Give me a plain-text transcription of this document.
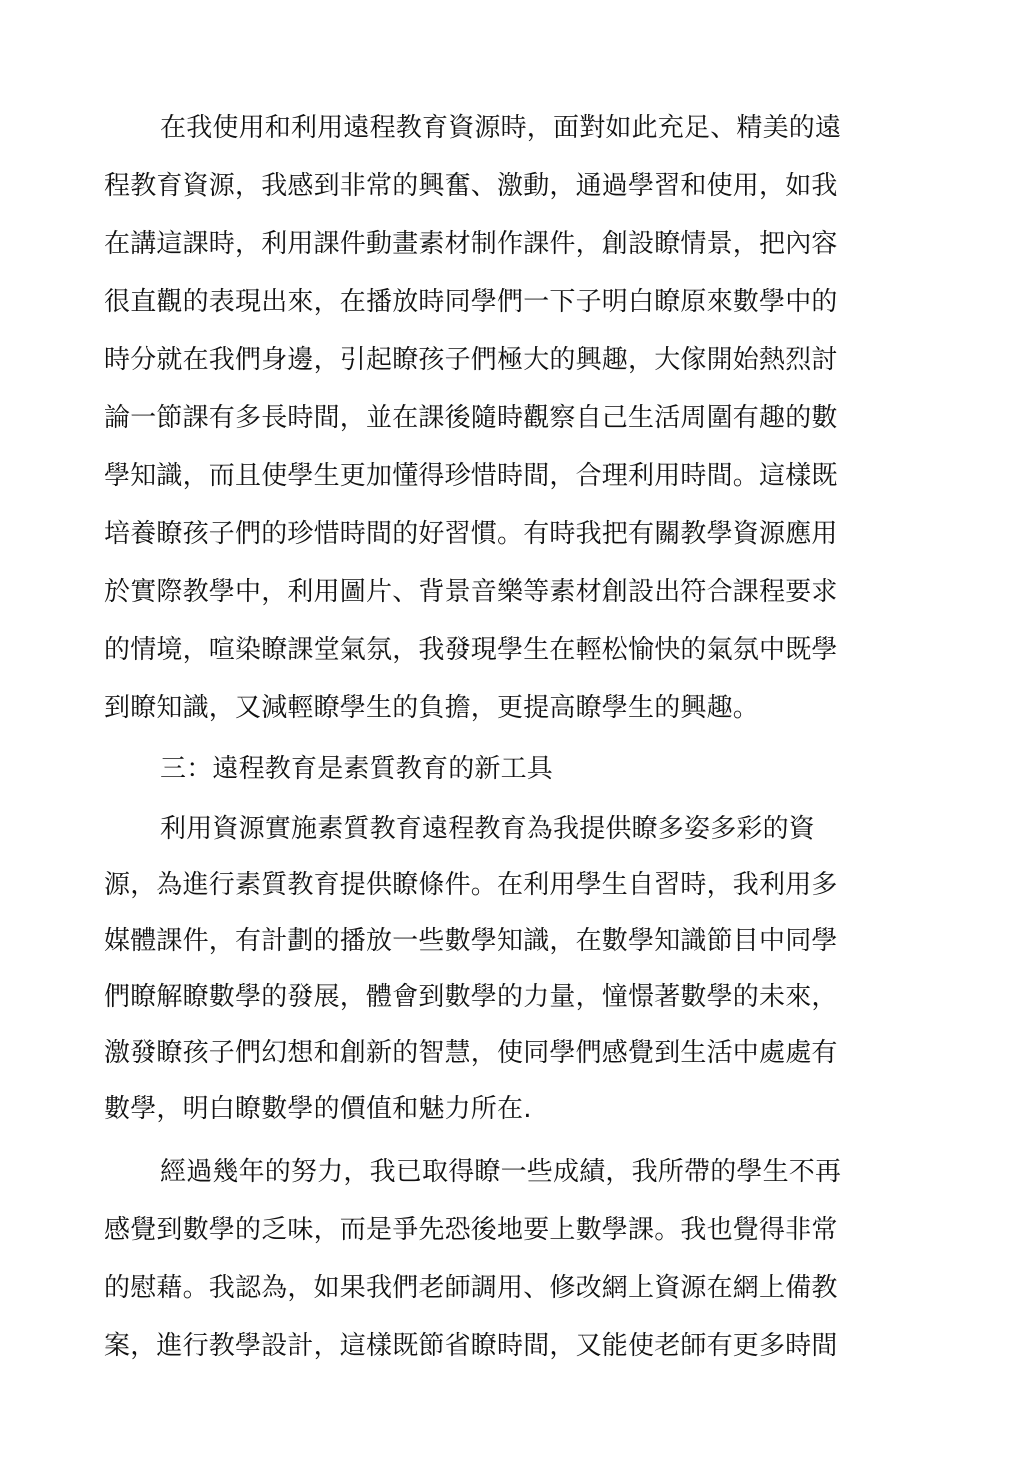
在我使用和利用遠程教育資源時，面對如此充足、精美的遠
程教育資源，我感到非常的興奮、激動，通過學習和使用，如我
在講這課時，利用課件動畫素材制作課件，創設瞭情景，把內容
很直觀的表現出來，在播放時同學們一下子明白瞭原來數學中的
時分就在我們身邊，引起瞭孩子們極大的興趣，大傢開始熱烈討
論一節課有多長時間，並在課後隨時觀察自己生活周圍有趣的數
學知識，而且使學生更加懂得珍惜時間，合理利用時間。這樣既
培養瞭孩子們的珍惜時間的好習慣。有時我把有關教學資源應用
於實際教學中，利用圖片、背景音樂等素材創設出符合課程要求
的情境，喧染瞭課堂氣氛，我發現學生在輕松愉快的氣氛中既學
到瞭知識，又減輕瞭學生的負擔，更提高瞭學生的興趣。
三：遠程教育是素質教育的新工具
利用資源實施素質教育遠程教育為我提供瞭多姿多彩的資
源，為進行素質教育提供瞭條件。在利用學生自習時，我利用多
媒體課件，有計劃的播放一些數學知識，在數學知識節目中同學
們瞭解瞭數學的發展，體會到數學的力量，憧憬著數學的未來，
激發瞭孩子們幻想和創新的智慧，使同學們感覺到生活中處處有
數學，明白瞭數學的價值和魅力所在.
經過幾年的努力，我已取得瞭一些成績，我所帶的學生不再
感覺到數學的乏味，而是爭先恐後地要上數學課。我也覺得非常
的慰藉。我認為，如果我們老師調用、修改網上資源在網上備教
案，進行教學設計，這樣既節省瞭時間，又能使老師有更多時間
